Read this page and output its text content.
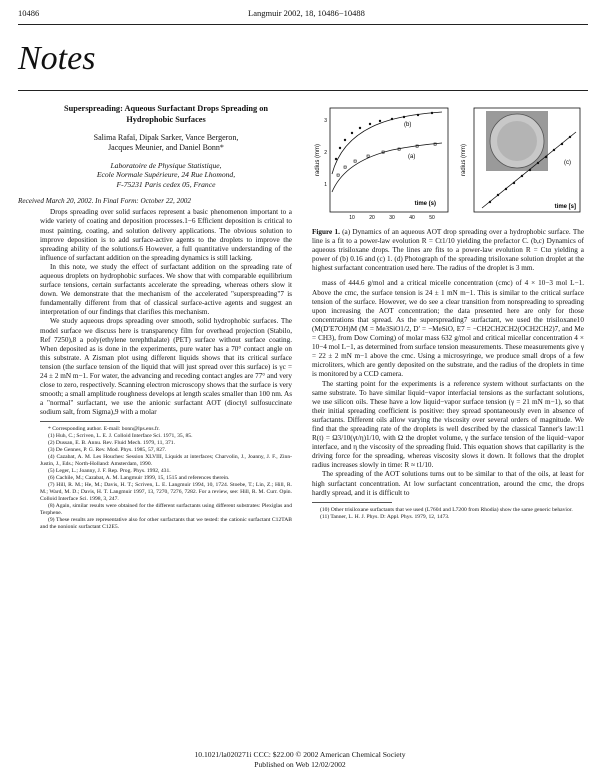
10486	Langmuir 2002, 18, 10486−10488
Notes
Superspreading: Aqueous Surfactant Drops Spreading on Hydrophobic Surfaces
Salima Rafaï, Dipak Sarker, Vance Bergeron,
Jacques Meunier, and Daniel Bonn*
Laboratoire de Physique Statistique,
Ecole Normale Supérieure, 24 Rue Lhomond,
F-75231 Paris cedex 05, France
Received March 20, 2002. In Final Form: October 22, 2002

Drops spreading over solid surfaces represent a basic phenomenon important to a wide variety of coating and deposition processes.1−6 Efficient deposition is critical to most painting, coating, and solution delivery applications. The obvious solution to improve deposition is to add surface-active agents to the droplets to improve the spreading ability of the solutions.6 However, a full quantitative understanding of the influence of surfactant addition on the spreading dynamics is still lacking.

In this note, we study the effect of surfactant addition on the spreading rate of aqueous droplets on hydrophobic surfaces. We show that with comparable equilibrium surface tensions, certain surfactants accelerate the spreading, whereas others slow it down. We demonstrate that the mechanism of the accelerated "superspreading"7 is fundamentally different from that of classical surface-active agents and suggest an interpretation of our findings that clarifies this mechanism.

We study aqueous drops spreading over smooth, solid hydrophobic surfaces. The model surface we discuss here is transparency film for overhead projection (Stabilo, Ref 7250),8 a poly(ethylene terephthalate) (PET) surface without surface coating. When deposited as is done in the experiments, pure water has a 70° contact angle on this substrate. A Zisman plot using different liquids shows that its critical surface tension (the surface tension of the liquid that will just spread over this surface) is γc = 24 ± 2 mN m−1. For water, the advancing and receding contact angles are 77° and very close to zero, respectively. Scanning electron microscopy shows that the surface is very smooth; a small amplitude roughness develops at length scales smaller than 100 nm. As a "normal" surfactant, we use the anionic surfactant AOT (dioctyl sulfosuccinate sodium salt, from Sigma),9 with a molar

* Corresponding author. E-mail: bonn@lps.ens.fr.

(1) Huh, C.; Scriven, L. E. J. Colloid Interface Sci. 1971, 35, 85.

(2) Dussan, E. B. Annu. Rev. Fluid Mech. 1979, 11, 371.

(3) De Gennes, P. G. Rev. Mod. Phys. 1985, 57, 827.

(4) Cazabat, A. M. Les Houches: Session XLVIII, Liquids at interfaces; Charvolin, J., Joanny, J. F., Zinn-Justin, J., Eds.; North-Holland: Amsterdam, 1990.

(5) Leger, L.; Joanny, J. F. Rep. Prog. Phys. 1992, 431.

(6) Cachile, M.; Cazabat, A. M. Langmuir 1999, 15, 1515 and references therein.

(7) Hill, R. M.; He, M.; Davis, H. T.; Scriven, L. E. Langmuir 1994, 10, 1724. Stoebe, T.; Lin, Z.; Hill, R. M.; Ward, M. D.; Davis, H. T. Langmuir 1997, 13, 7270, 7276, 7282. For a review, see: Hill, R. M. Curr. Opin. Colloid Interface Sci. 1998, 3, 247.

(8) Again, similar results were obtained for the different surfactants using different substrates: Plexiglas and Terphene.

(9) These results are representative also for other surfactants that we tested: the cationic surfactant C12TAB and the nonionic surfactant C12E5.

radius (mm)
time (s)
10	20	30	40	50
3
2
1
(b)
(a)	radius (mm)
time [s]
(c)
Figure 1. (a) Dynamics of an aqueous AOT drop spreading over a hydrophobic surface. The line is a fit to a power-law evolution R = Ct1/10 yielding the prefactor C. (b,c) Dynamics of aqueous trisiloxane drops. The lines are fits to a power-law evolution R = Ctα yielding a power of (b) 0.16 and (c) 1. (d) Photograph of the spreading trisiloxane solution droplet at the highest surfactant concentration used here. The radius of the droplet is 3 mm.

mass of 444.6 g/mol and a critical micelle concentration (cmc) of 4 × 10−3 mol L−1. Above the cmc, the surface tension is 24 ± 1 mN m−1. This is similar to the critical surface tension of the surface. However, we do see a clear transition from nonspreading to spreading upon increasing the AOT concentration; the data presented here are only for those concentrations that spread. As the superspreading7 surfactant, we used the trisiloxane10 (M(D′E7OH)M (M = Me3SiO1/2, D′ = −MeSiO, E7 = −CH2CH2CH2(OCH2CH2)7, and Me = CH3), from Dow Corning) of molar mass 632 g/mol and critical micellar concentration 4 × 10−4 mol L−1, as determined from surface tension measurements. These measurements give γ = 22 ± 2 mN m−1 above the cmc. Using a microsyringe, we produce small drops of a few microliters, which are gently deposited on the substrate, and the radius of the droplets in time is monitored by a CCD camera.

The starting point for the experiments is a reference system without surfactants on the same substrate. To have similar liquid−vapor interfacial tensions as the surfactant solutions, we use silicon oils. These have a low liquid−vapor surface tension (γ = 21 mN m−1), so that their initial spreading coefficient is positive: they spread spontaneously even in absence of surfactants. Different oils allow varying the viscosity over several orders of magnitude. We find that the spreading rate of the droplets is well described by the classical Tanner's law:11 R(t) = Ω3/10(γt/η)1/10, with Ω the droplet volume, γ the surface tension of the liquid−vapor interface, and η the viscosity of the spreading fluid. This equation shows that capillarity is the driving force for the spreading, whereas viscosity slows it down. It follows that the droplet radius increases slowly in time: R ≈ t1/10.

The spreading of the AOT solutions turns out to be similar to that of the oils, at least for high surfactant concentration. At low surfactant concentration, around the cmc, the drops hardly spread, and it is difficult to

(10) Other trisiloxane surfactants that we used (L7604 and L7200 from Rhodia) show the same generic behavior.

(11) Tanner, L. H. J. Phys. D: Appl. Phys. 1979, 12, 1473.

10.1021/la020271i CCC: $22.00 © 2002 American Chemical Society
Published on Web 12/02/2002
